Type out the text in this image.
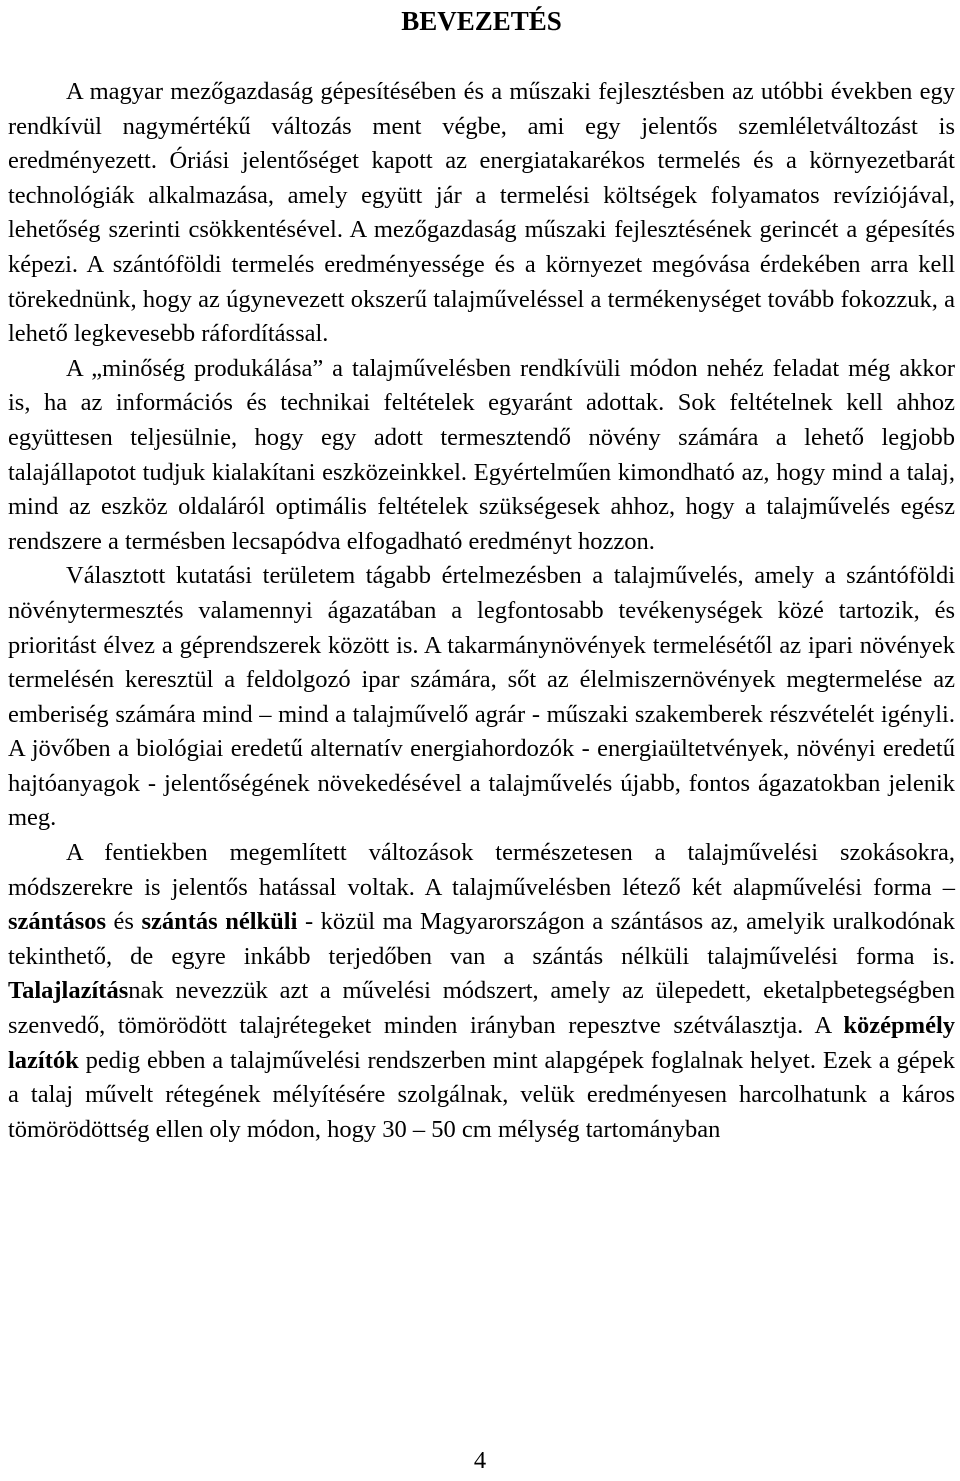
BEVEZETÉS

A magyar mezőgazdaság gépesítésében és a műszaki fejlesztésben az utóbbi években egy rendkívül nagymértékű változás ment végbe, ami egy jelentős szemléletváltozást is eredményezett. Óriási jelentőséget kapott az energiatakarékos termelés és a környezetbarát technológiák alkalmazása, amely együtt jár a termelési költségek folyamatos revíziójával, lehetőség szerinti csökkentésével. A mezőgazdaság műszaki fejlesztésének gerincét a gépesítés képezi. A szántóföldi termelés eredményessége és a környezet megóvása érdekében arra kell törekednünk, hogy az úgynevezett okszerű talajműveléssel a termékenységet tovább fokozzuk, a lehető legkevesebb ráfordítással.

A „minőség produkálása” a talajművelésben rendkívüli módon nehéz feladat még akkor is, ha az információs és technikai feltételek egyaránt adottak. Sok feltételnek kell ahhoz együttesen teljesülnie, hogy egy adott termesztendő növény számára a lehető legjobb talajállapotot tudjuk kialakítani eszközeinkkel. Egyértelműen kimondható az, hogy mind a talaj, mind az eszköz oldaláról optimális feltételek szükségesek ahhoz, hogy a talajművelés egész rendszere a termésben lecsapódva elfogadható eredményt hozzon.

Választott kutatási területem tágabb értelmezésben a talajművelés, amely a szántóföldi növénytermesztés valamennyi ágazatában a legfontosabb tevékenységek közé tartozik, és prioritást élvez a géprendszerek között is. A takarmánynövények termelésétől az ipari növények termelésén keresztül a feldolgozó ipar számára, sőt az élelmiszernövények megtermelése az emberiség számára mind – mind a talajművelő agrár - műszaki szakemberek részvételét igényli. A jövőben a biológiai eredetű alternatív energiahordozók - energiaültetvények, növényi eredetű hajtóanyagok - jelentőségének növekedésével a talajművelés újabb, fontos ágazatokban jelenik meg.

A fentiekben megemlített változások természetesen a talajművelési szokásokra, módszerekre is jelentős hatással voltak. A talajművelésben létező két alapművelési forma – szántásos és szántás nélküli - közül ma Magyarországon a szántásos az, amelyik uralkodónak tekinthető, de egyre inkább terjedőben van a szántás nélküli talajművelési forma is. Talajlazításnak nevezzük azt a művelési módszert, amely az ülepedett, eketalpbetegségben szenvedő, tömörödött talajrétegeket minden irányban repesztve szétválasztja. A középmély lazítók pedig ebben a talajművelési rendszerben mint alapgépek foglalnak helyet. Ezek a gépek a talaj művelt rétegének mélyítésére szolgálnak, velük eredményesen harcolhatunk a káros tömörödöttség ellen oly módon, hogy 30 – 50 cm mélység tartományban

4
